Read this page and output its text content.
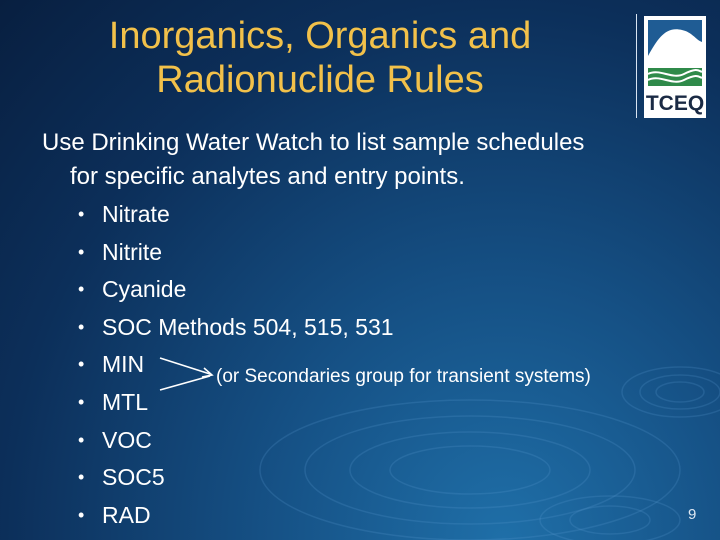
Inorganics, Organics and Radionuclide Rules
TCEQ
Use Drinking Water Watch to list sample schedules
for specific analytes and entry points.
• Nitrate
• Nitrite
• Cyanide
• SOC Methods 504, 515, 531
• MIN
• MTL
• VOC
• SOC5
• RAD
(or Secondaries group for transient systems)
9
